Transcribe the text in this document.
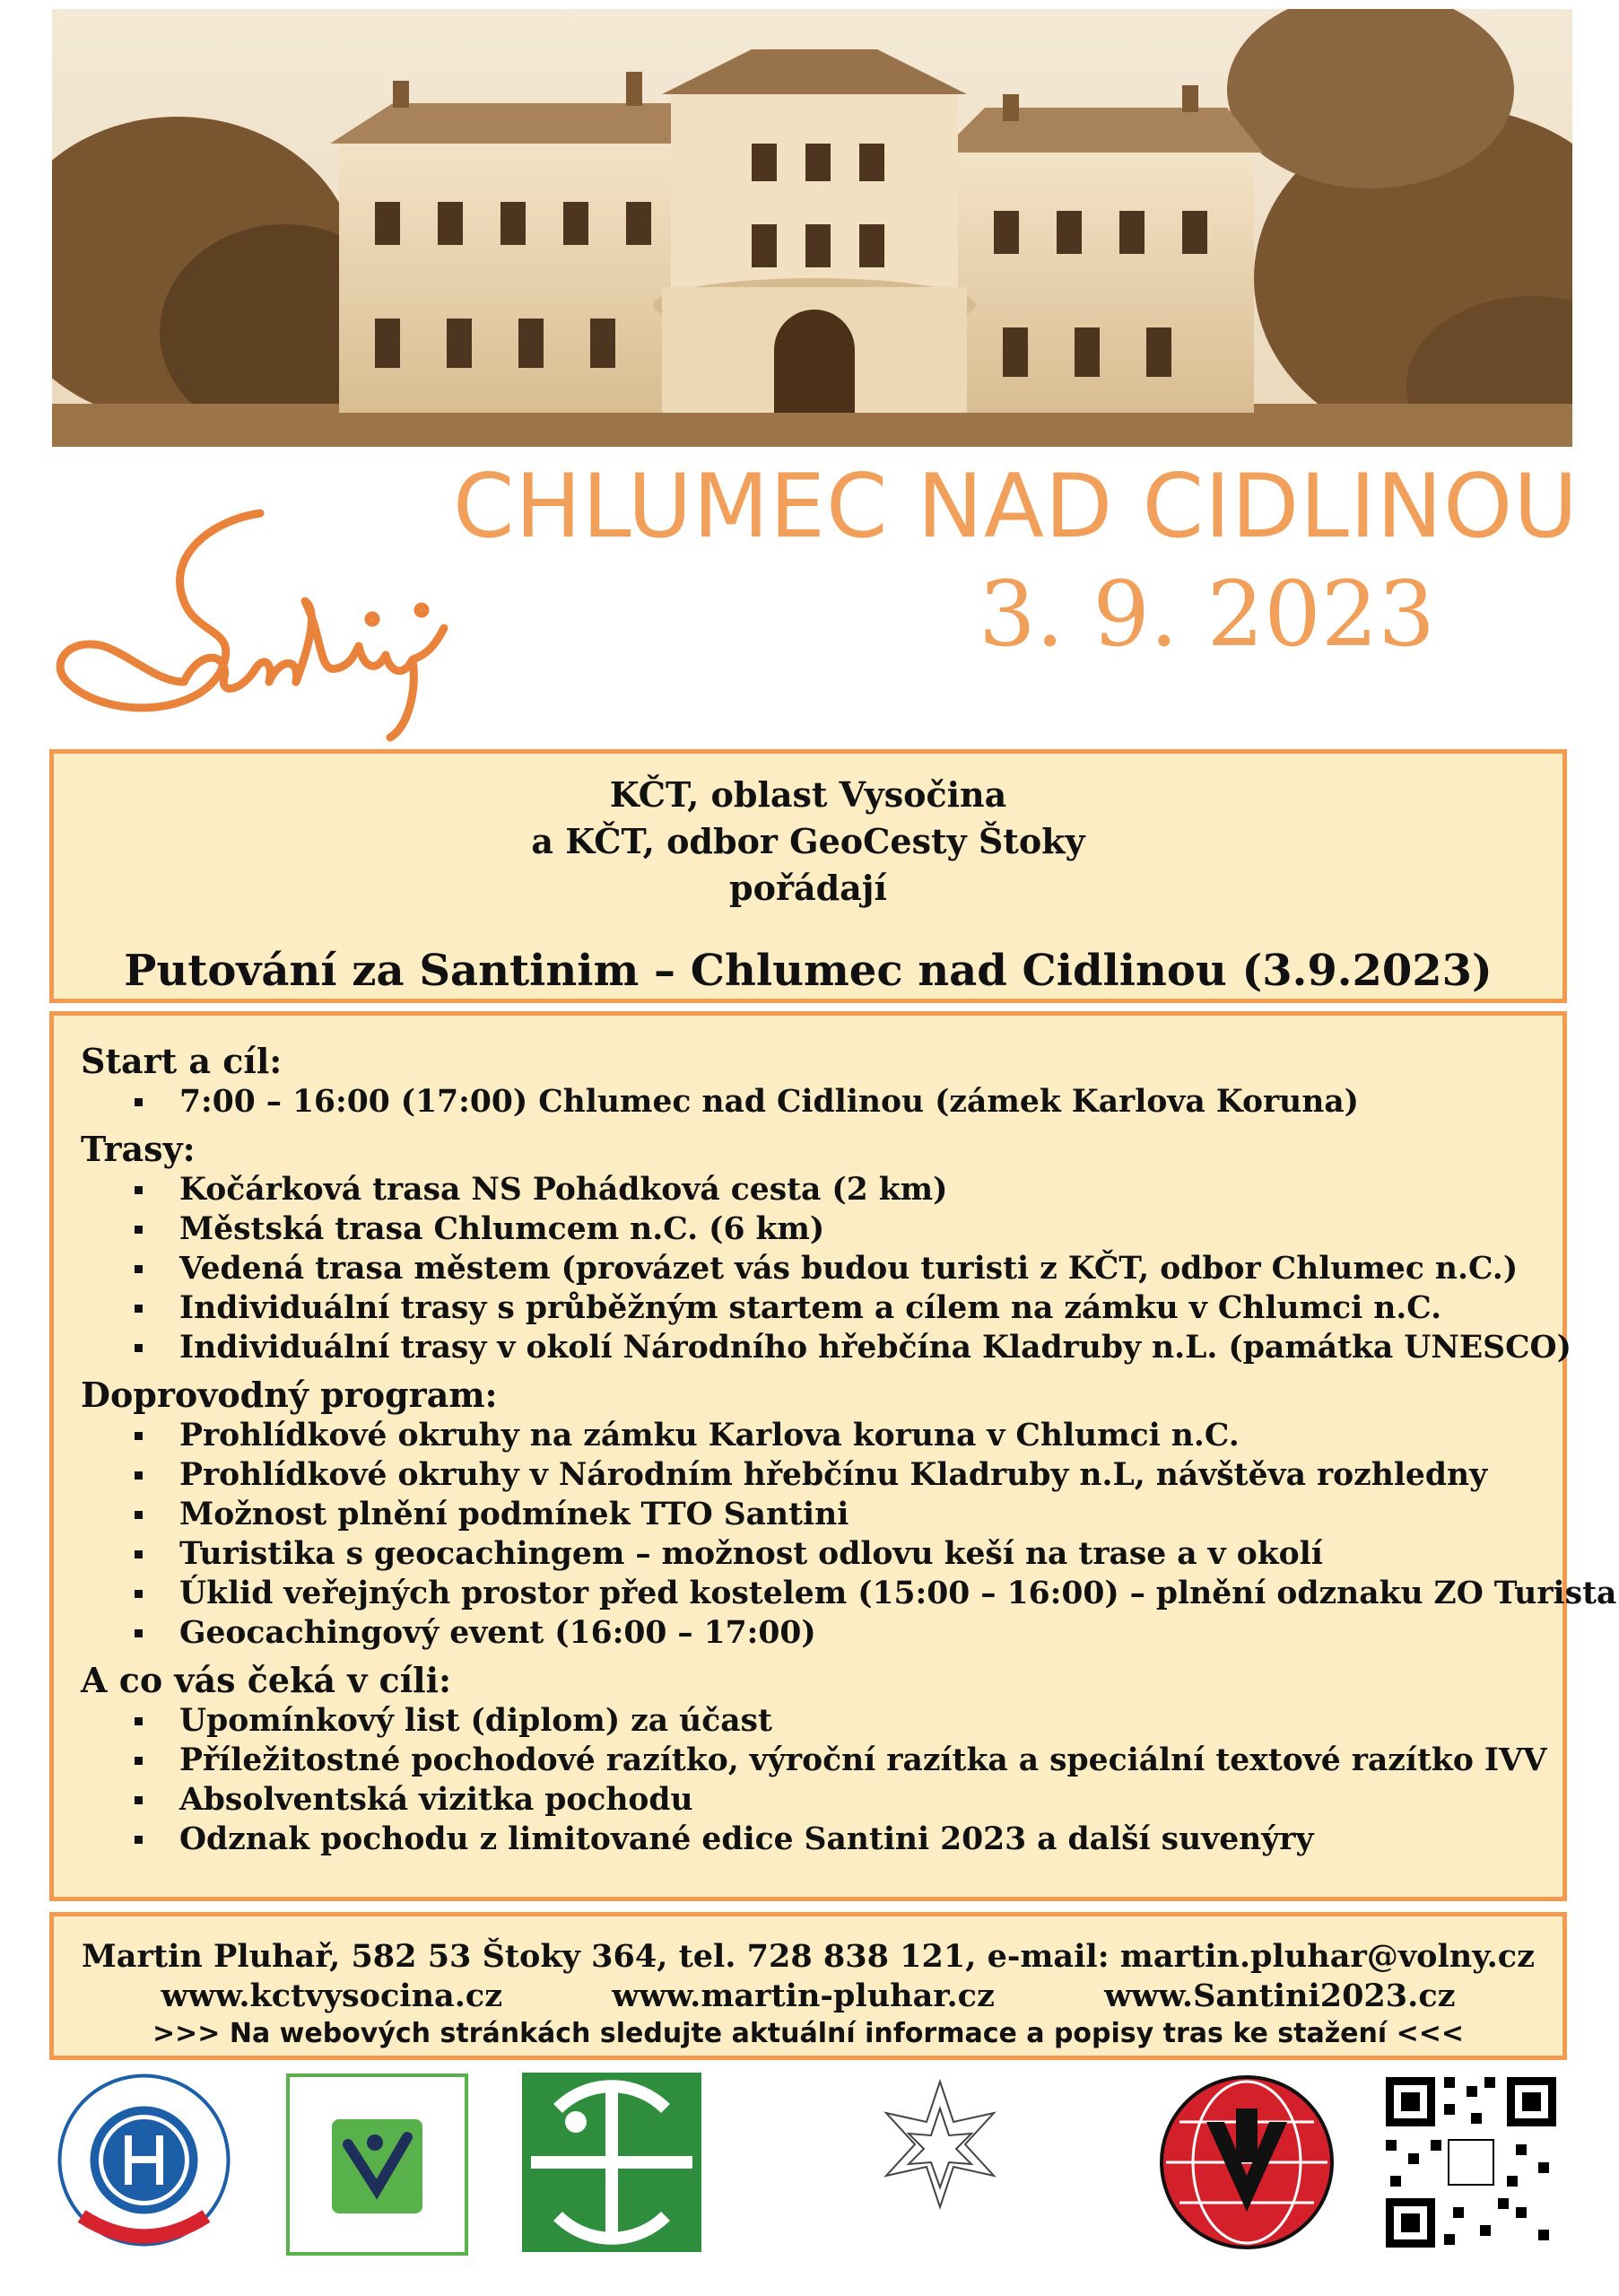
CHLUMEC NAD CIDLINOU
3. 9. 2023
KČT, oblast Vysočina
a KČT, odbor GeoCesty Štoky
pořádají
Putování za Santinim – Chlumec nad Cidlinou (3.9.2023)

Start a cíl:

7:00 – 16:00 (17:00) Chlumec nad Cidlinou (zámek Karlova Koruna)

Trasy:

Kočárková trasa NS Pohádková cesta (2 km)
Městská trasa Chlumcem n.C. (6 km)
Vedená trasa městem (provázet vás budou turisti z KČT, odbor Chlumec n.C.)
Individuální trasy s průběžným startem a cílem na zámku v Chlumci n.C.
Individuální trasy v okolí Národního hřebčína Kladruby n.L. (památka UNESCO)

Doprovodný program:

Prohlídkové okruhy na zámku Karlova koruna v Chlumci n.C.
Prohlídkové okruhy v Národním hřebčínu Kladruby n.L, návštěva rozhledny
Možnost plnění podmínek TTO Santini
Turistika s geocachingem – možnost odlovu keší na trase a v okolí
Úklid veřejných prostor před kostelem (15:00 – 16:00) – plnění odznaku ZO Turista
Geocachingový event (16:00 – 17:00)

A co vás čeká v cíli:

Upomínkový list (diplom) za účast
Příležitostné pochodové razítko, výroční razítka a speciální textové razítko IVV
Absolventská vizitka pochodu
Odznak pochodu z limitované edice Santini 2023 a další suvenýry
Martin Pluhař, 582 53 Štoky 364, tel. 728 838 121, e-mail: martin.pluhar@volny.cz
www.kctvysocina.cz	www.martin-pluhar.cz	www.Santini2023.cz
>>> Na webových stránkách sledujte aktuální informace a popisy tras ke stažení <<<
